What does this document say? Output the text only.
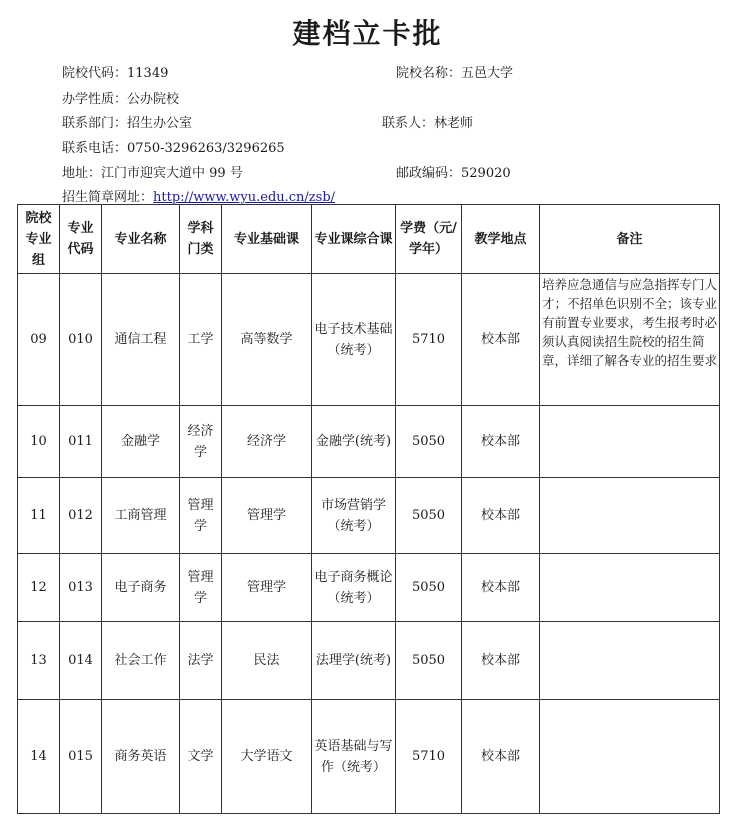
建档立卡批
院校代码：11349	院校名称：五邑大学
办学性质：公办院校
联系部门：招生办公室	联系人：林老师
联系电话：0750-3296263/3296265
地址：江门市迎宾大道中 99 号	邮政编码：529020
招生简章网址：http://www.wyu.edu.cn/zsb/
院校专业组	专业代码	专业名称	学科门类	专业基础课	专业课综合课	学费（元/学年）	教学地点	备注
09	010	通信工程	工学	高等数学	电子技术基础（统考）	5710	校本部	培养应急通信与应急指挥专门人才；不招单色识别不全；该专业有前置专业要求，考生报考时必须认真阅读招生院校的招生简章，详细了解各专业的招生要求
10	011	金融学	经济学	经济学	金融学(统考)	5050	校本部	
11	012	工商管理	管理学	管理学	市场营销学（统考）	5050	校本部	
12	013	电子商务	管理学	管理学	电子商务概论（统考）	5050	校本部	
13	014	社会工作	法学	民法	法理学(统考)	5050	校本部	
14	015	商务英语	文学	大学语文	英语基础与写作（统考）	5710	校本部	
